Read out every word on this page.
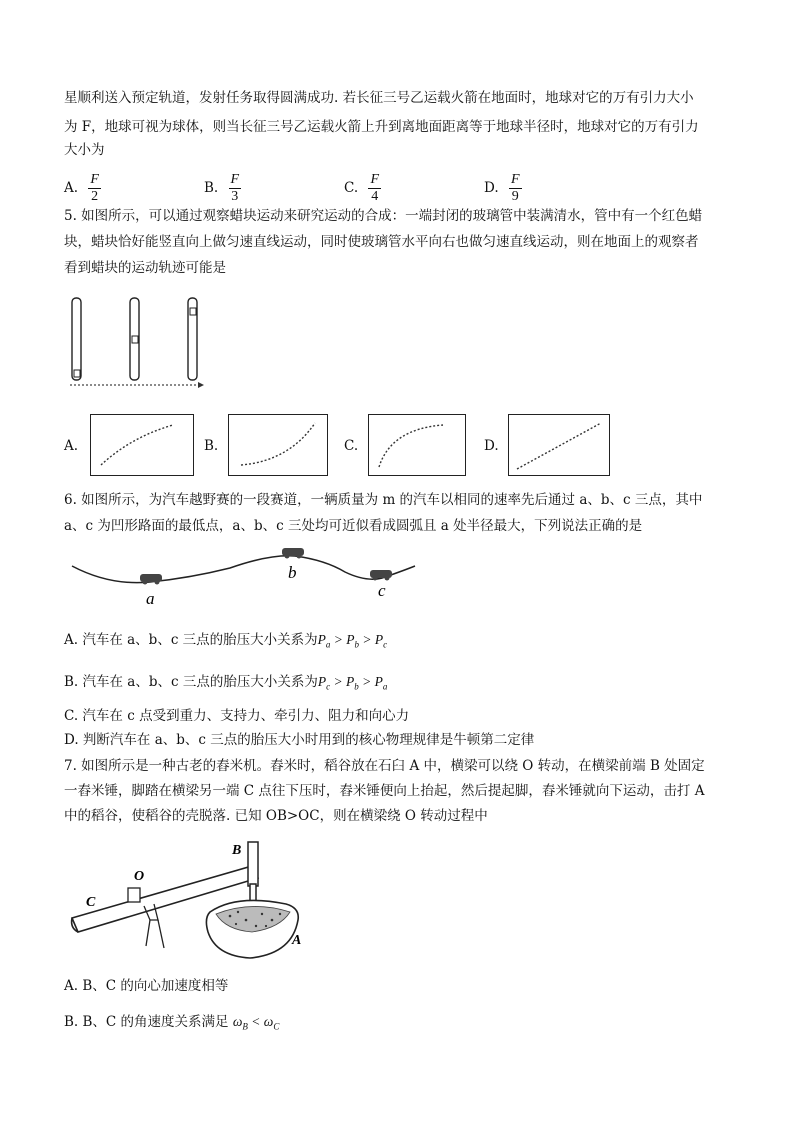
星顺利送入预定轨道，发射任务取得圆满成功. 若长征三号乙运载火箭在地面时，地球对它的万有引力大小
为 F，地球可视为球体，则当长征三号乙运载火箭上升到离地面距离等于地球半径时，地球对它的万有引力
大小为
A. $\frac{F}{2}$	B. $\frac{F}{3}$	C. $\frac{F}{4}$	D. $\frac{F}{9}$
5. 如图所示，可以通过观察蜡块运动来研究运动的合成：一端封闭的玻璃管中装满清水，管中有一个红色蜡
块，蜡块恰好能竖直向上做匀速直线运动，同时使玻璃管水平向右也做匀速直线运动，则在地面上的观察者
看到蜡块的运动轨迹可能是
A.	B.	C.	D.
6. 如图所示，为汽车越野赛的一段赛道，一辆质量为 m 的汽车以相同的速率先后通过 a、b、c 三点，其中
a、c 为凹形路面的最低点，a、b、c 三处均可近似看成圆弧且 a 处半径最大，下列说法正确的是
a
b
c
A. 汽车在 a、b、c 三点的胎压大小关系为$P_a > P_b > P_c$
B. 汽车在 a、b、c 三点的胎压大小关系为$P_c > P_b > P_a$
C. 汽车在 c 点受到重力、支持力、牵引力、阻力和向心力
D. 判断汽车在 a、b、c 三点的胎压大小时用到的核心物理规律是牛顿第二定律
7. 如图所示是一种古老的舂米机。舂米时，稻谷放在石臼 A 中，横梁可以绕 O 转动，在横梁前端 B 处固定
一舂米锤，脚踏在横梁另一端 C 点往下压时，舂米锤便向上抬起，然后提起脚，舂米锤就向下运动，击打 A
中的稻谷，使稻谷的壳脱落. 已知 OB>OC，则在横梁绕 O 转动过程中
B
O
C
A
A. B、C 的向心加速度相等
B. B、C 的角速度关系满足 $\omega_B < \omega_C$
